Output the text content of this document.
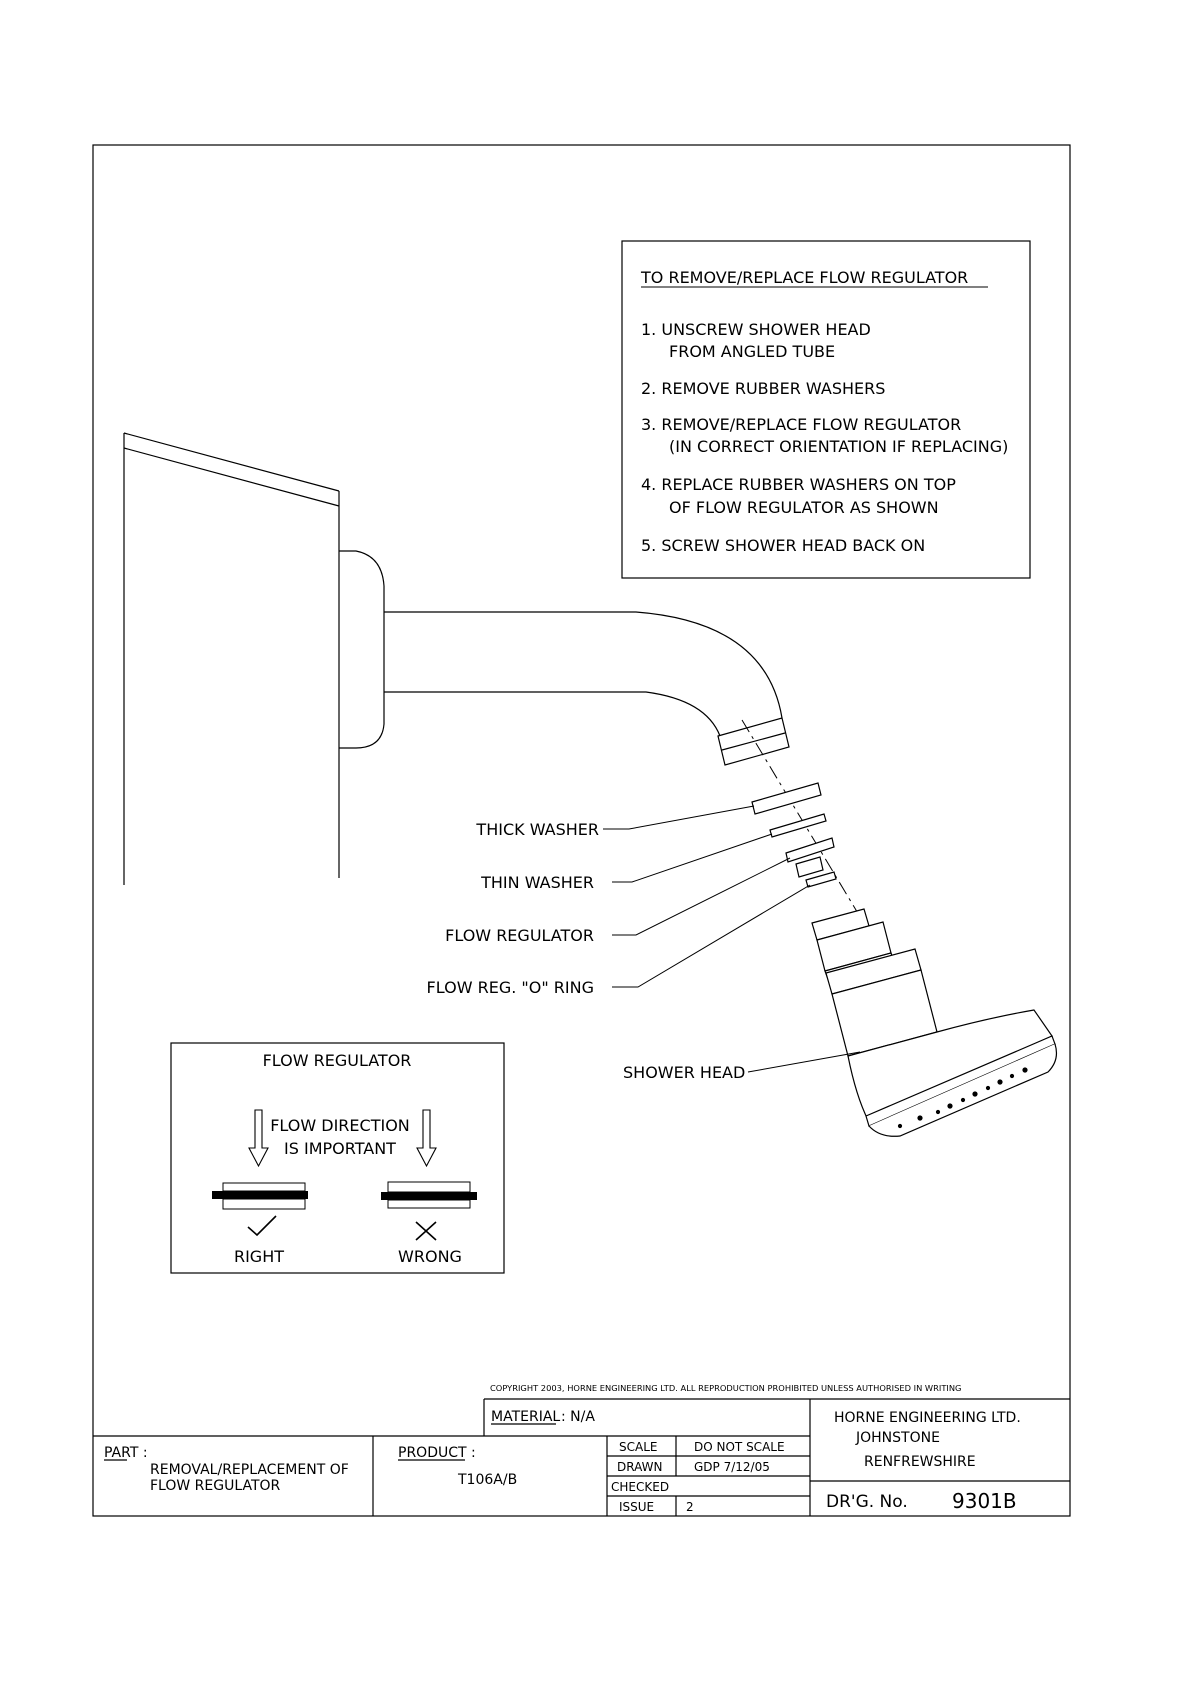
TO REMOVE/REPLACE FLOW REGULATOR
1. UNSCREW SHOWER HEAD
FROM ANGLED TUBE
2. REMOVE RUBBER WASHERS
3. REMOVE/REPLACE FLOW REGULATOR
(IN CORRECT ORIENTATION IF REPLACING)
4. REPLACE RUBBER WASHERS ON TOP
OF FLOW REGULATOR AS SHOWN
5. SCREW SHOWER HEAD BACK ON
THICK WASHER
THIN WASHER
FLOW REGULATOR
FLOW REG. "O" RING
SHOWER HEAD
FLOW REGULATOR
FLOW DIRECTION
IS IMPORTANT
RIGHT	WRONG
COPYRIGHT 2003, HORNE ENGINEERING LTD. ALL REPRODUCTION PROHIBITED UNLESS AUTHORISED IN WRITING
MATERIAL : N/A	HORNE ENGINEERING LTD.
JOHNSTONE
RENFREWSHIRE
PART :
REMOVAL/REPLACEMENT OF
FLOW REGULATOR
PRODUCT :
T106A/B
SCALE	DO NOT SCALE
DRAWN	GDP 7/12/05
CHECKED
ISSUE	2	DR'G. No. 9301B
